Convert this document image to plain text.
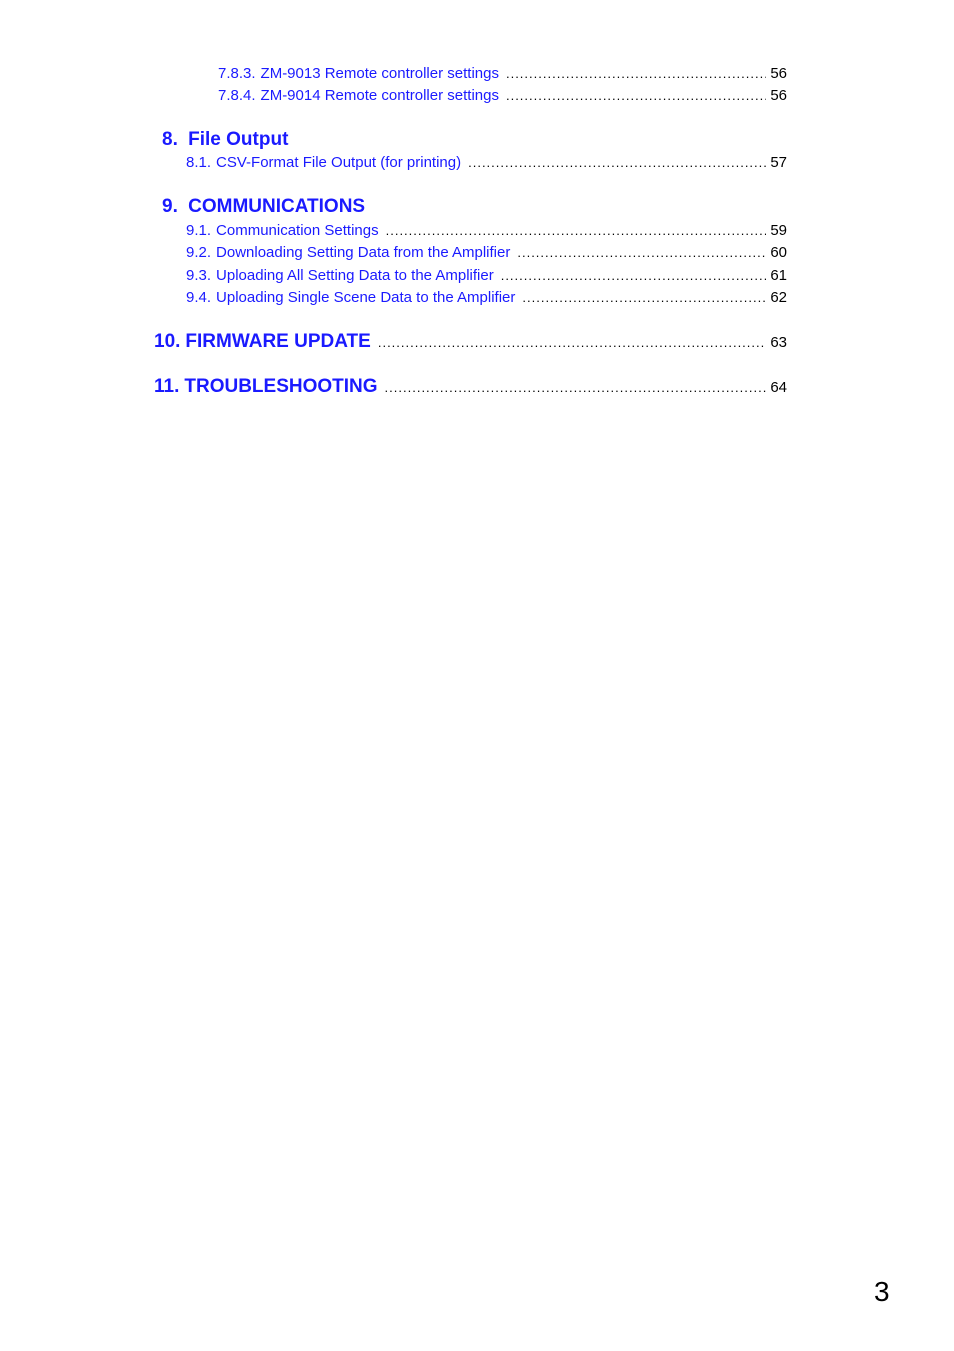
7.8.3. ZM-9013 Remote controller settings .....	56
7.8.4. ZM-9014 Remote controller settings .....	56
8. File Output
8.1. CSV-Format File Output (for printing) .....	57
9. COMMUNICATIONS
9.1. Communication Settings .....	59
9.2. Downloading Setting Data from the Amplifier .....	60
9.3. Uploading All Setting Data to the Amplifier .....	61
9.4. Uploading Single Scene Data to the Amplifier .....	62
10. FIRMWARE UPDATE .....	63
11. TROUBLESHOOTING .....	64
3
